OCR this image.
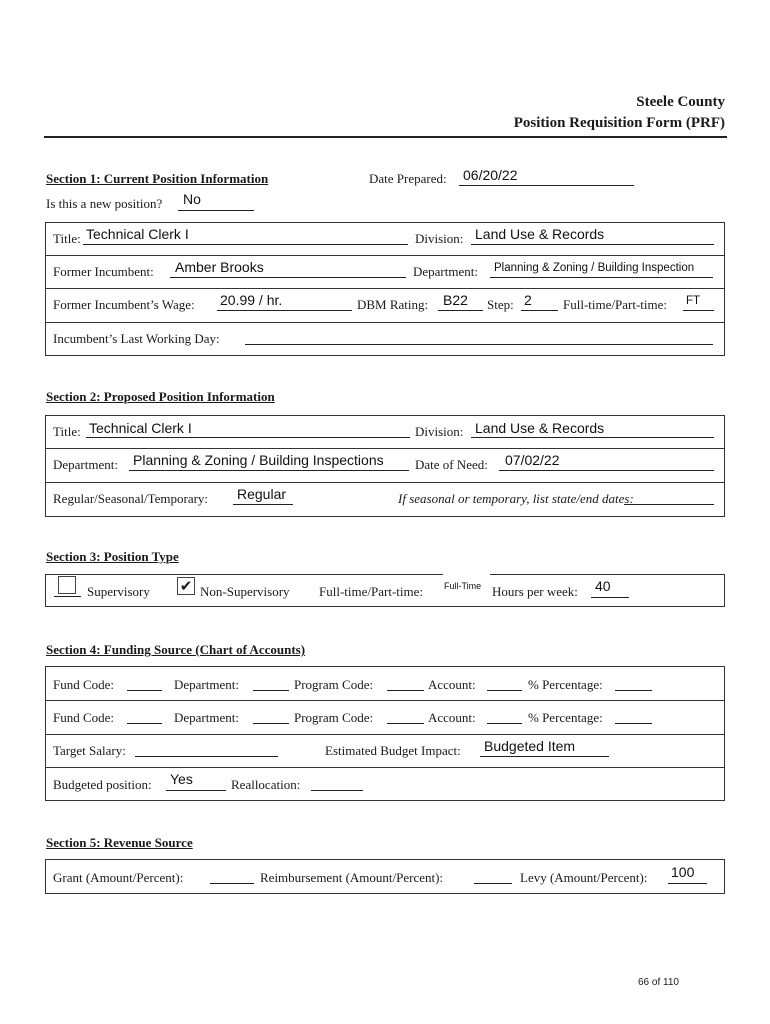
Steele County
Position Requisition Form (PRF)
Section 1: Current Position Information	Date Prepared: 06/20/22
Is this a new position? No
Title: Technical Clerk I	Division: Land Use & Records
Former Incumbent: Amber Brooks	Department: Planning & Zoning / Building Inspection
Former Incumbent’s Wage: 20.99 / hr.	DBM Rating: B22 Step: 2 Full-time/Part-time: FT
Incumbent’s Last Working Day:
Section 2: Proposed Position Information
Title: Technical Clerk I	Division: Land Use & Records
Department: Planning & Zoning / Building Inspections Date of Need: 07/02/22
Regular/Seasonal/Temporary: Regular	If seasonal or temporary, list state/end dates:
Section 3: Position Type
Supervisory ✔ Non-Supervisory Full-time/Part-time: Full-Time Hours per week: 40
Section 4: Funding Source (Chart of Accounts)
Fund Code:	Department:	Program Code:	Account:	% Percentage:
Fund Code:	Department:	Program Code:	Account:	% Percentage:
Target Salary:	Estimated Budget Impact: Budgeted Item
Budgeted position: Yes	Reallocation:
Section 5: Revenue Source
Grant (Amount/Percent):	Reimbursement (Amount/Percent):	Levy (Amount/Percent): 100
66 of 110
